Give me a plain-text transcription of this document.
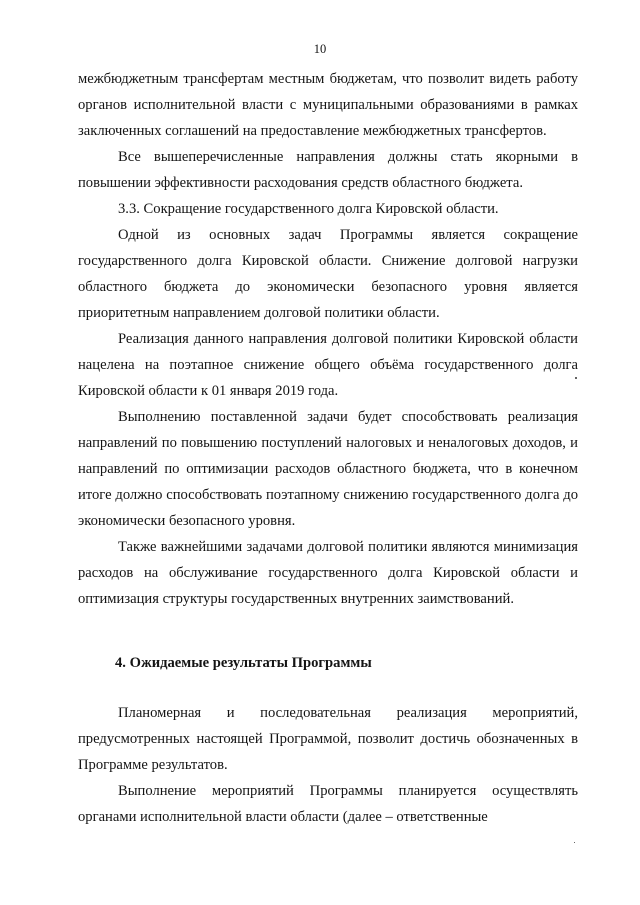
10

межбюджетным трансфертам местным бюджетам, что позволит видеть работу органов исполнительной власти с муниципальными образованиями в рамках заключенных соглашений на предоставление межбюджетных трансфертов.

Все вышеперечисленные направления должны стать якорными в повышении эффективности расходования средств областного бюджета.

3.3. Сокращение государственного долга Кировской области.

Одной из основных задач Программы является сокращение государственного долга Кировской области. Снижение долговой нагрузки областного бюджета до экономически безопасного уровня является приоритетным направлением долговой политики области.

Реализация данного направления долговой политики Кировской области нацелена на поэтапное снижение общего объёма государственного долга Кировской области к 01 января 2019 года.

Выполнению поставленной задачи будет способствовать реализация направлений по повышению поступлений налоговых и неналоговых доходов, и направлений по оптимизации расходов областного бюджета, что в конечном итоге должно способствовать поэтапному снижению государственного долга до экономически безопасного уровня.

Также важнейшими задачами долговой политики являются минимизация расходов на обслуживание государственного долга Кировской области и оптимизация структуры государственных внутренних заимствований.

4. Ожидаемые результаты Программы

Планомерная и последовательная реализация мероприятий, предусмотренных настоящей Программой, позволит достичь обозначенных в Программе результатов.

Выполнение мероприятий Программы планируется осуществлять органами исполнительной власти области (далее – ответственные
